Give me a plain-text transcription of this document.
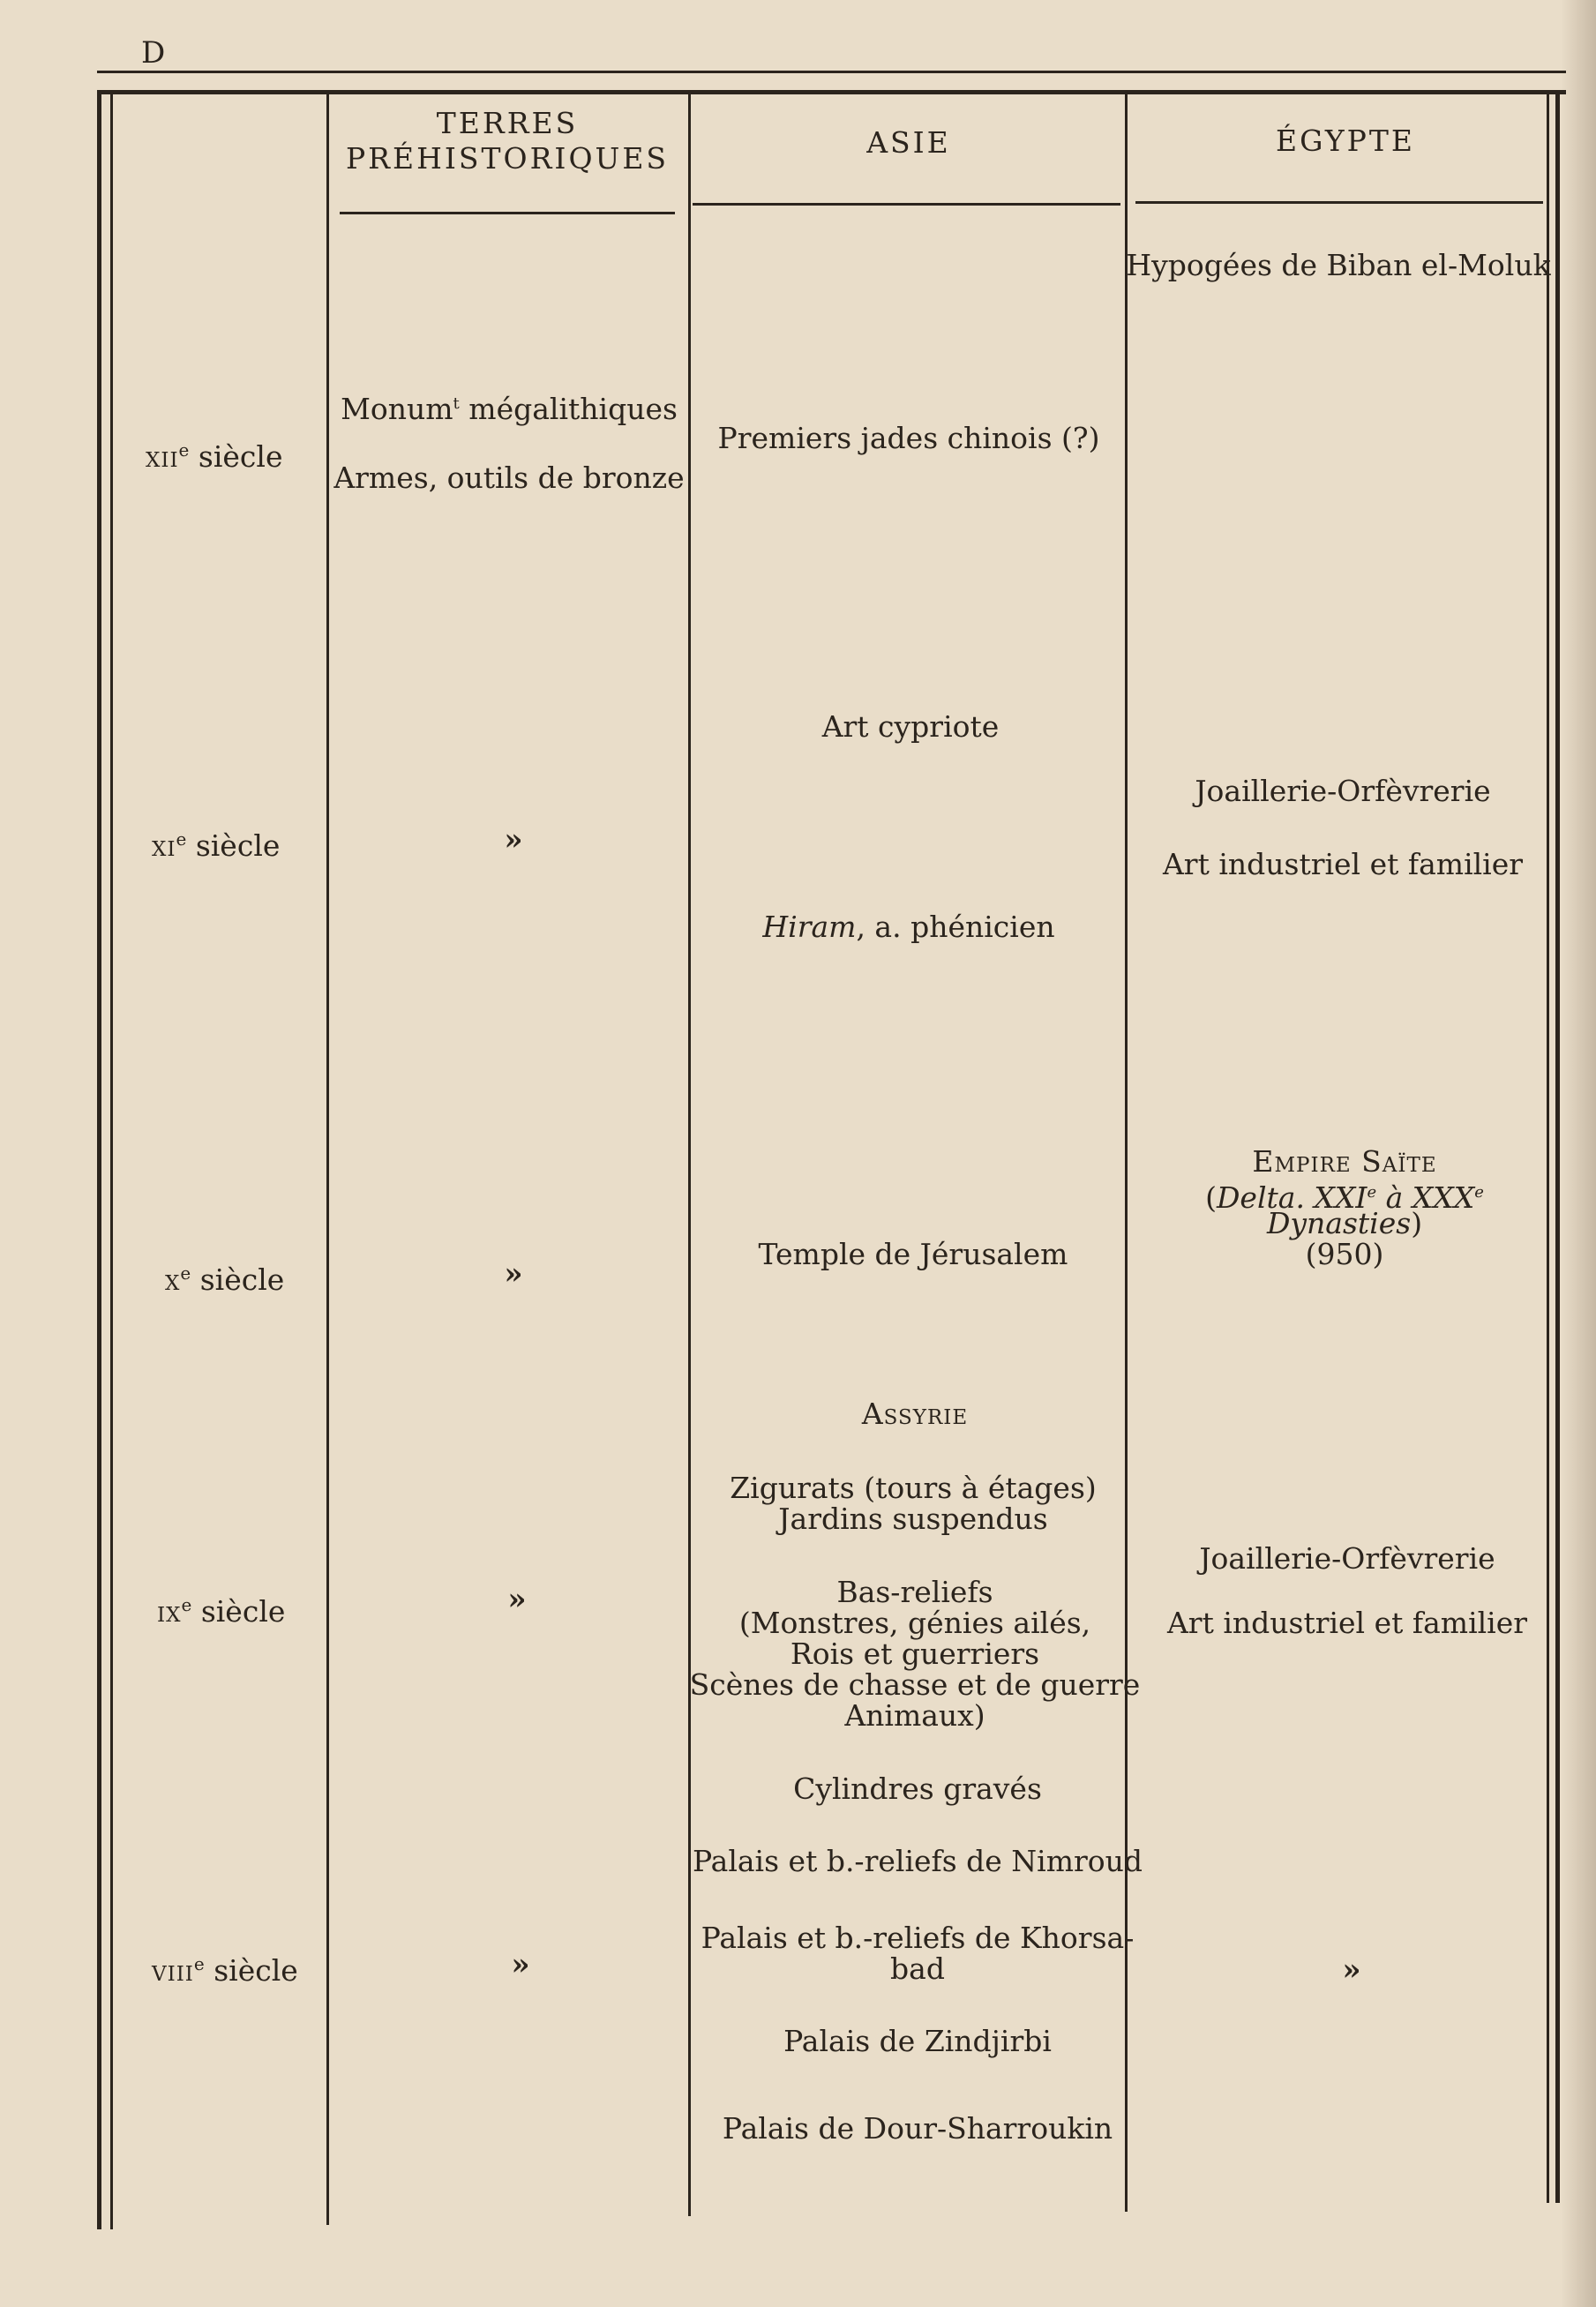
D
TERRES
PRÉHISTORIQUES	ASIE	ÉGYPTE
xii$^e$ siècle
$xi^e$ siècle
$x^e$ siècle
$ix^e$ siècle
viii$^e$ siècle
Monum$^t$ mégalithiques
Armes, outils de bronze
»
»
»
»
Premiers jades chinois (?)
Art cypriote
Hiram, a. phénicien
Temple de Jérusalem
Assyrie
Zigurats (tours à étages)
Jardins suspendus
Bas-reliefs
(Monstres, génies ailés,
Rois et guerriers
Scènes de chasse et de guerre
Animaux)
Cylindres gravés
Palais et b.-reliefs de Nimroud
Palais et b.-reliefs de Khorsa-
bad
Palais de Zindjirbi
Palais de Dour-Sharroukin
Hypogées de Biban el-Moluk
Joaillerie-Orfèvrerie
Art industriel et familier
Empire Saïte
(Delta. XXIe à XXXe
Dynasties)
(950)
Joaillerie-Orfèvrerie
Art industriel et familier
»
